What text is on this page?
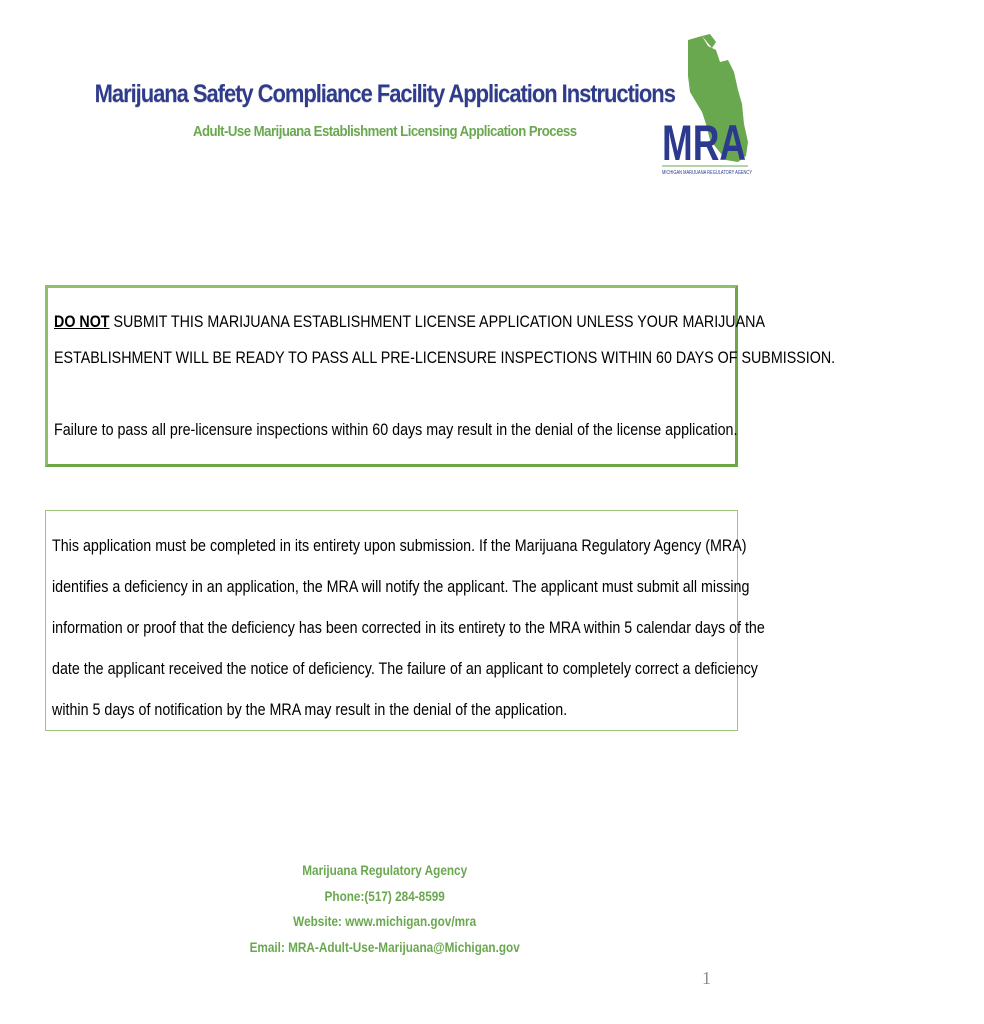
Marijuana Safety Compliance Facility Application Instructions
Adult-Use Marijuana Establishment Licensing Application Process	MRA
MICHIGAN MARIJUANA REGULATORY AGENCY
DO NOT SUBMIT THIS MARIJUANA ESTABLISHMENT LICENSE APPLICATION UNLESS YOUR MARIJUANA
ESTABLISHMENT WILL BE READY TO PASS ALL PRE-LICENSURE INSPECTIONS WITHIN 60 DAYS OF SUBMISSION.
Failure to pass all pre-licensure inspections within 60 days may result in the denial of the license application.
This application must be completed in its entirety upon submission. If the Marijuana Regulatory Agency (MRA)
identifies a deficiency in an application, the MRA will notify the applicant. The applicant must submit all missing
information or proof that the deficiency has been corrected in its entirety to the MRA within 5 calendar days of the
date the applicant received the notice of deficiency. The failure of an applicant to completely correct a deficiency
within 5 days of notification by the MRA may result in the denial of the application.
Marijuana Regulatory Agency
Phone:(517) 284-8599
Website: www.michigan.gov/mra
Email: MRA-Adult-Use-Marijuana@Michigan.gov
1
